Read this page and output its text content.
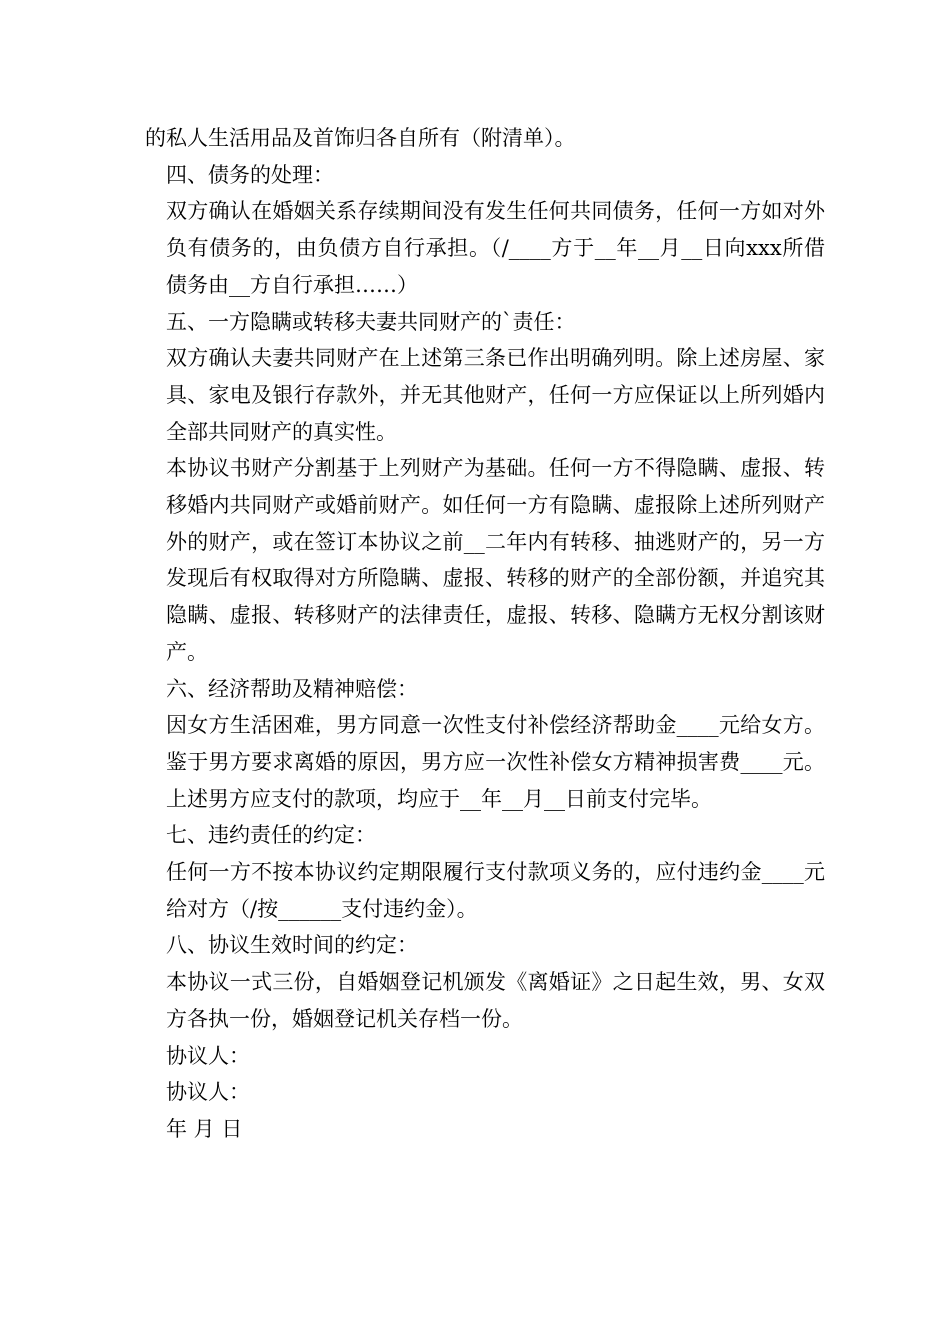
的私人生活用品及首饰归各自所有（附清单）。

四、债务的处理：

双方确认在婚姻关系存续期间没有发生任何共同债务，任何一方如对外负有债务的，由负债方自行承担。（/____方于__年__月__日向xxx所借债务由__方自行承担……）

五、一方隐瞒或转移夫妻共同财产的`责任：

双方确认夫妻共同财产在上述第三条已作出明确列明。除上述房屋、家具、家电及银行存款外，并无其他财产，任何一方应保证以上所列婚内全部共同财产的真实性。

本协议书财产分割基于上列财产为基础。任何一方不得隐瞒、虚报、转移婚内共同财产或婚前财产。如任何一方有隐瞒、虚报除上述所列财产外的财产，或在签订本协议之前__二年内有转移、抽逃财产的，另一方发现后有权取得对方所隐瞒、虚报、转移的财产的全部份额，并追究其隐瞒、虚报、转移财产的法律责任，虚报、转移、隐瞒方无权分割该财产。

六、经济帮助及精神赔偿：

因女方生活困难，男方同意一次性支付补偿经济帮助金____元给女方。鉴于男方要求离婚的原因，男方应一次性补偿女方精神损害费____元。上述男方应支付的款项，均应于__年__月__日前支付完毕。

七、违约责任的约定：

任何一方不按本协议约定期限履行支付款项义务的，应付违约金____元给对方（/按______支付违约金）。

八、协议生效时间的约定：

本协议一式三份，自婚姻登记机颁发《离婚证》之日起生效，男、女双方各执一份，婚姻登记机关存档一份。

协议人：

协议人：

年 月 日
